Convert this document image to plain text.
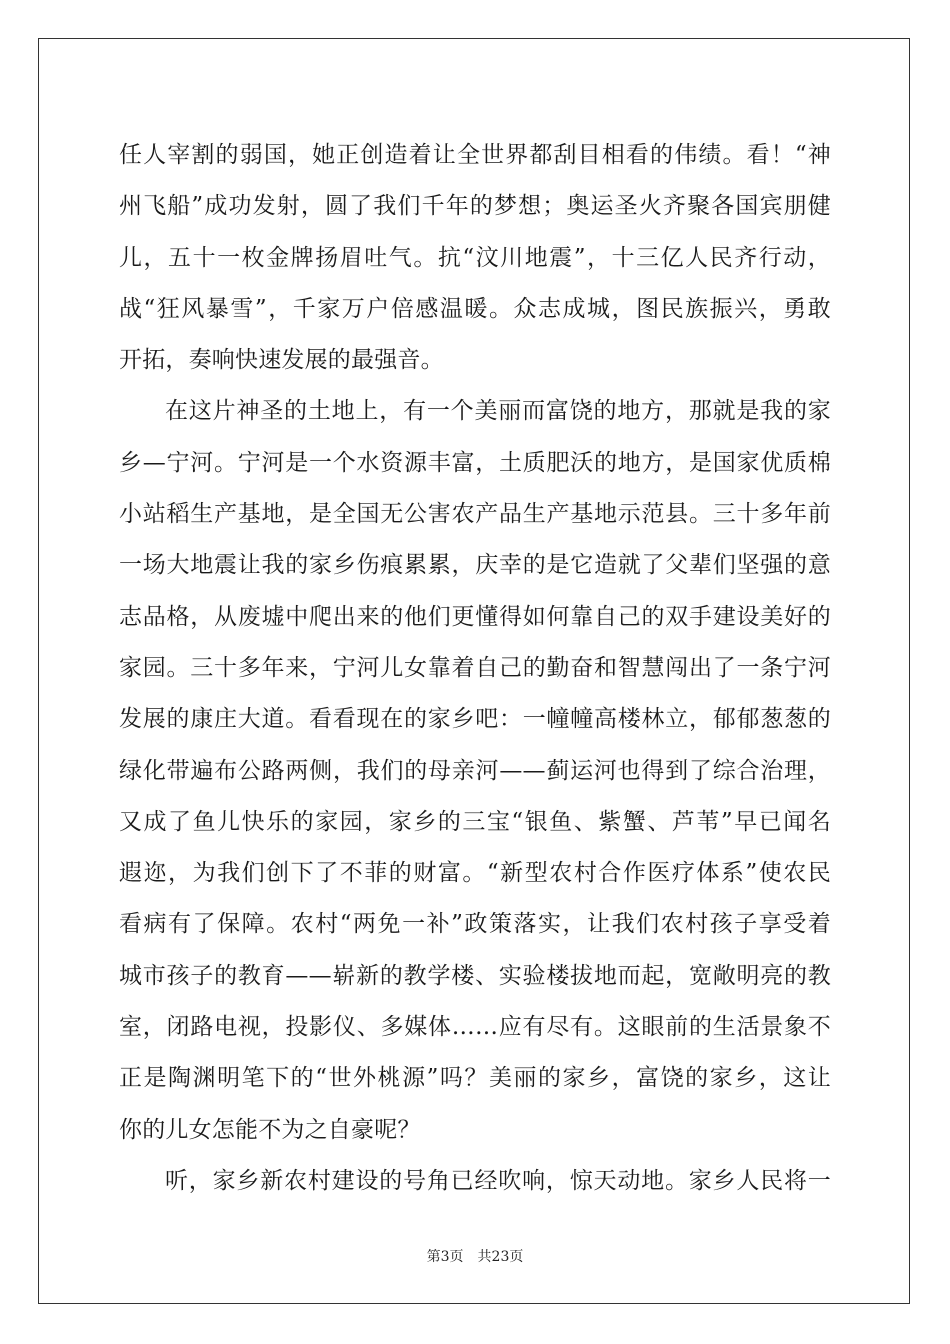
任人宰割的弱国，她正创造着让全世界都刮目相看的伟绩。看！“神
州飞船”成功发射，圆了我们千年的梦想；奥运圣火齐聚各国宾朋健
儿，五十一枚金牌扬眉吐气。抗“汶川地震”，十三亿人民齐行动，
战“狂风暴雪”，千家万户倍感温暖。众志成城，图民族振兴，勇敢
开拓，奏响快速发展的最强音。
在这片神圣的土地上，有一个美丽而富饶的地方，那就是我的家
乡—宁河。宁河是一个水资源丰富，土质肥沃的地方，是国家优质棉
小站稻生产基地，是全国无公害农产品生产基地示范县。三十多年前
一场大地震让我的家乡伤痕累累，庆幸的是它造就了父辈们坚强的意
志品格，从废墟中爬出来的他们更懂得如何靠自己的双手建设美好的
家园。三十多年来，宁河儿女靠着自己的勤奋和智慧闯出了一条宁河
发展的康庄大道。看看现在的家乡吧：一幢幢高楼林立，郁郁葱葱的
绿化带遍布公路两侧，我们的母亲河——蓟运河也得到了综合治理，
又成了鱼儿快乐的家园，家乡的三宝“银鱼、紫蟹、芦苇”早已闻名
遐迩，为我们创下了不菲的财富。“新型农村合作医疗体系”使农民
看病有了保障。农村“两免一补”政策落实，让我们农村孩子享受着
城市孩子的教育——崭新的教学楼、实验楼拔地而起，宽敞明亮的教
室，闭路电视，投影仪、多媒体……应有尽有。这眼前的生活景象不
正是陶渊明笔下的“世外桃源”吗？美丽的家乡，富饶的家乡，这让
你的儿女怎能不为之自豪呢？
听，家乡新农村建设的号角已经吹响，惊天动地。家乡人民将一
第3页 共23页
